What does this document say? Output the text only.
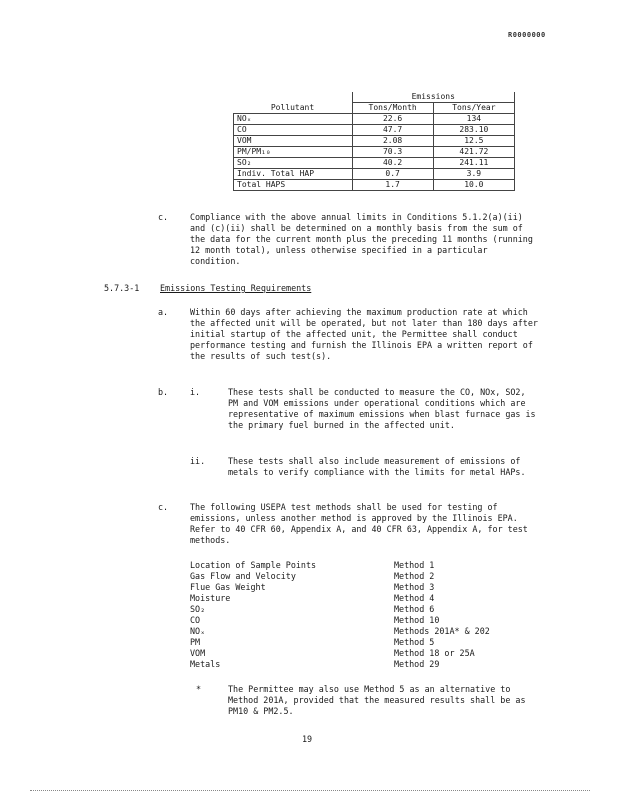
R0000000
Pollutant	Emissions	
	Tons/Month	Tons/Year
NOₓ	22.6	134
CO	47.7	283.10
VOM	2.08	12.5
PM/PM₁₀	70.3	421.72
SO₂	40.2	241.11
Indiv. Total HAP	0.7	3.9
Total HAPS	1.7	10.0
c.	Compliance with the above annual limits in Conditions 5.1.2(a)(ii) and (c)(ii) shall be determined on a monthly basis from the sum of the data for the current month plus the preceding 11 months (running 12 month total), unless otherwise specified in a particular condition.
5.7.3-1 Emissions Testing Requirements
a.	Within 60 days after achieving the maximum production rate at which the affected unit will be operated, but not later than 180 days after initial startup of the affected unit, the Permittee shall conduct performance testing and furnish the Illinois EPA a written report of the results of such test(s).
b.	i.	These tests shall be conducted to measure the CO, NOx, SO2, PM and VOM emissions under operational conditions which are representative of maximum emissions when blast furnace gas is the primary fuel burned in the affected unit.
ii.	These tests shall also include measurement of emissions of metals to verify compliance with the limits for metal HAPs.
c.	The following USEPA test methods shall be used for testing of emissions, unless another method is approved by the Illinois EPA. Refer to 40 CFR 60, Appendix A, and 40 CFR 63, Appendix A, for test methods.
Location of Sample Points	Method 1
Gas Flow and Velocity	Method 2
Flue Gas Weight	Method 3
Moisture	Method 4
SO₂	Method 6
CO	Method 10
NOₓ	Methods 201A* & 202
PM	Method 5
VOM	Method 18 or 25A
Metals	Method 29
*	The Permittee may also use Method 5 as an alternative to Method 201A, provided that the measured results shall be as PM10 & PM2.5.
19
